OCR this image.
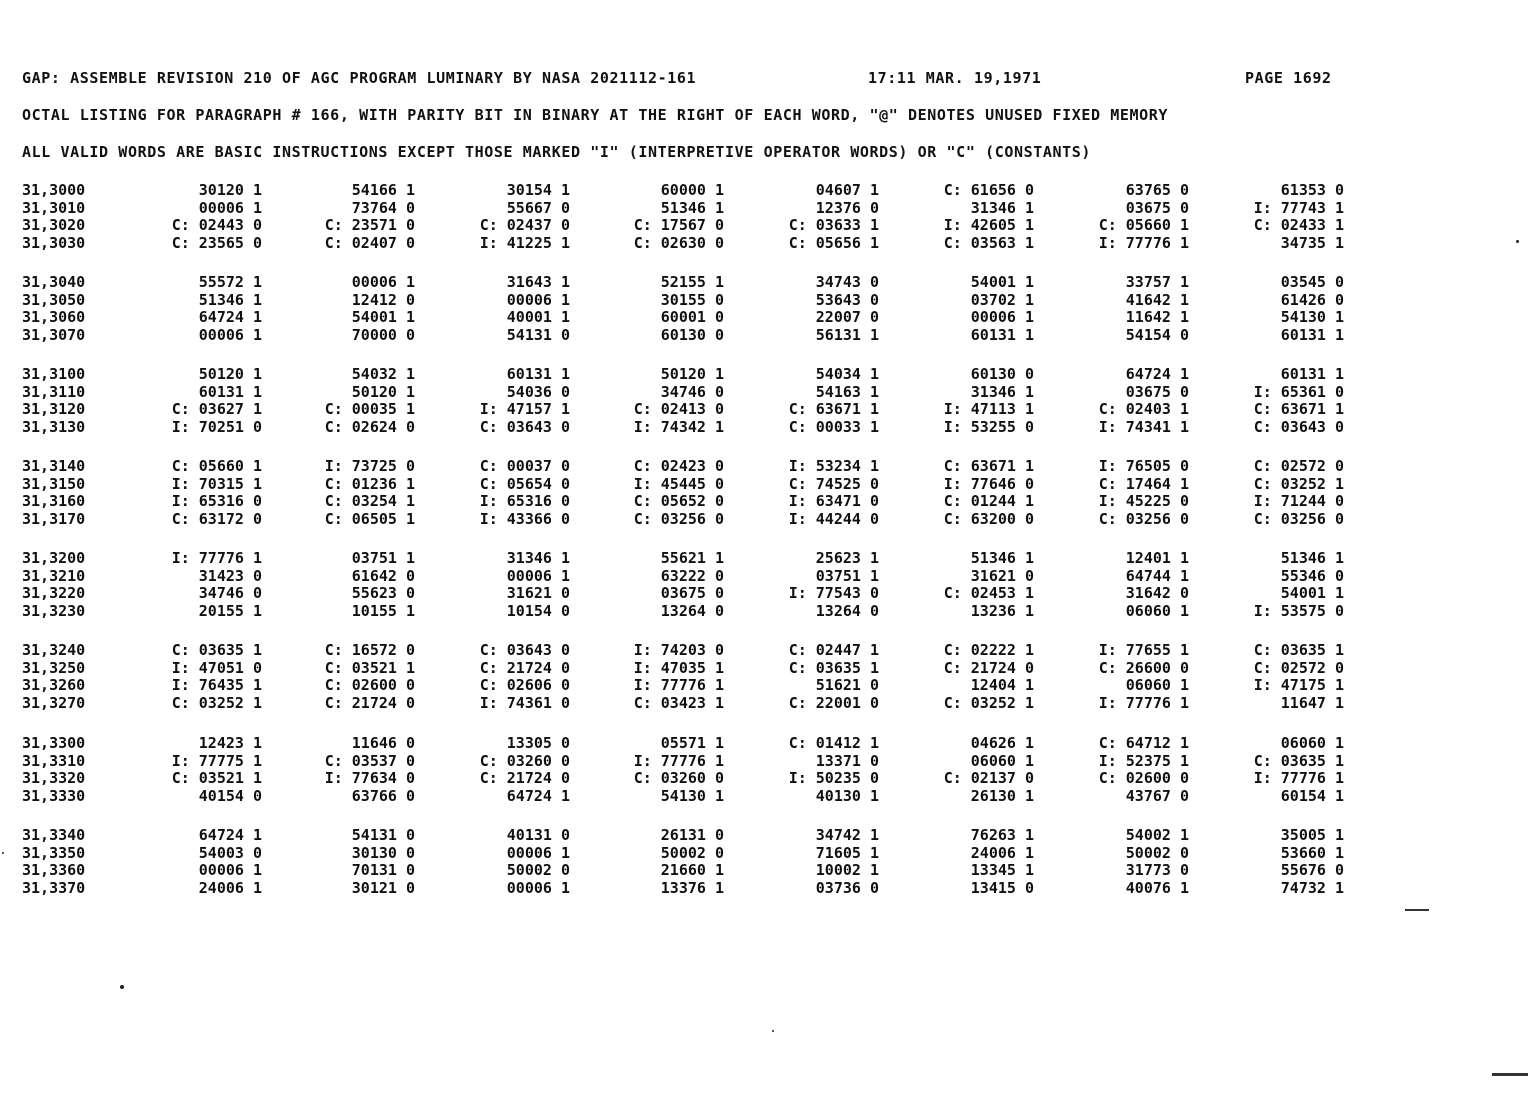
GAP: ASSEMBLE REVISION 210 OF AGC PROGRAM LUMINARY BY NASA 2021112-161	17:11 MAR. 19,1971	PAGE 1692
OCTAL LISTING FOR PARAGRAPH # 166, WITH PARITY BIT IN BINARY AT THE RIGHT OF EACH WORD, "@" DENOTES UNUSED FIXED MEMORY
ALL VALID WORDS ARE BASIC INSTRUCTIONS EXCEPT THOSE MARKED "I" (INTERPRETIVE OPERATOR WORDS) OR "C" (CONSTANTS)
31,3000	30120 1	54166 1	30154 1	60000 1	04607 1	C: 61656 0	63765 0	61353 0
31,3010	00006 1	73764 0	55667 0	51346 1	12376 0	31346 1	03675 0	I: 77743 1
31,3020	C: 02443 0	C: 23571 0	C: 02437 0	C: 17567 0	C: 03633 1	I: 42605 1	C: 05660 1	C: 02433 1
31,3030	C: 23565 0	C: 02407 0	I: 41225 1	C: 02630 0	C: 05656 1	C: 03563 1	I: 77776 1	34735 1
31,3040	55572 1	00006 1	31643 1	52155 1	34743 0	54001 1	33757 1	03545 0
31,3050	51346 1	12412 0	00006 1	30155 0	53643 0	03702 1	41642 1	61426 0
31,3060	64724 1	54001 1	40001 1	60001 0	22007 0	00006 1	11642 1	54130 1
31,3070	00006 1	70000 0	54131 0	60130 0	56131 1	60131 1	54154 0	60131 1
31,3100	50120 1	54032 1	60131 1	50120 1	54034 1	60130 0	64724 1	60131 1
31,3110	60131 1	50120 1	54036 0	34746 0	54163 1	31346 1	03675 0	I: 65361 0
31,3120	C: 03627 1	C: 00035 1	I: 47157 1	C: 02413 0	C: 63671 1	I: 47113 1	C: 02403 1	C: 63671 1
31,3130	I: 70251 0	C: 02624 0	C: 03643 0	I: 74342 1	C: 00033 1	I: 53255 0	I: 74341 1	C: 03643 0
31,3140	C: 05660 1	I: 73725 0	C: 00037 0	C: 02423 0	I: 53234 1	C: 63671 1	I: 76505 0	C: 02572 0
31,3150	I: 70315 1	C: 01236 1	C: 05654 0	I: 45445 0	C: 74525 0	I: 77646 0	C: 17464 1	C: 03252 1
31,3160	I: 65316 0	C: 03254 1	I: 65316 0	C: 05652 0	I: 63471 0	C: 01244 1	I: 45225 0	I: 71244 0
31,3170	C: 63172 0	C: 06505 1	I: 43366 0	C: 03256 0	I: 44244 0	C: 63200 0	C: 03256 0	C: 03256 0
31,3200	I: 77776 1	03751 1	31346 1	55621 1	25623 1	51346 1	12401 1	51346 1
31,3210	31423 0	61642 0	00006 1	63222 0	03751 1	31621 0	64744 1	55346 0
31,3220	34746 0	55623 0	31621 0	03675 0	I: 77543 0	C: 02453 1	31642 0	54001 1
31,3230	20155 1	10155 1	10154 0	13264 0	13264 0	13236 1	06060 1	I: 53575 0
31,3240	C: 03635 1	C: 16572 0	C: 03643 0	I: 74203 0	C: 02447 1	C: 02222 1	I: 77655 1	C: 03635 1
31,3250	I: 47051 0	C: 03521 1	C: 21724 0	I: 47035 1	C: 03635 1	C: 21724 0	C: 26600 0	C: 02572 0
31,3260	I: 76435 1	C: 02600 0	C: 02606 0	I: 77776 1	51621 0	12404 1	06060 1	I: 47175 1
31,3270	C: 03252 1	C: 21724 0	I: 74361 0	C: 03423 1	C: 22001 0	C: 03252 1	I: 77776 1	11647 1
31,3300	12423 1	11646 0	13305 0	05571 1	C: 01412 1	04626 1	C: 64712 1	06060 1
31,3310	I: 77775 1	C: 03537 0	C: 03260 0	I: 77776 1	13371 0	06060 1	I: 52375 1	C: 03635 1
31,3320	C: 03521 1	I: 77634 0	C: 21724 0	C: 03260 0	I: 50235 0	C: 02137 0	C: 02600 0	I: 77776 1
31,3330	40154 0	63766 0	64724 1	54130 1	40130 1	26130 1	43767 0	60154 1
31,3340	64724 1	54131 0	40131 0	26131 0	34742 1	76263 1	54002 1	35005 1
31,3350	54003 0	30130 0	00006 1	50002 0	71605 1	24006 1	50002 0	53660 1
31,3360	00006 1	70131 0	50002 0	21660 1	10002 1	13345 1	31773 0	55676 0
31,3370	24006 1	30121 0	00006 1	13376 1	03736 0	13415 0	40076 1	74732 1
